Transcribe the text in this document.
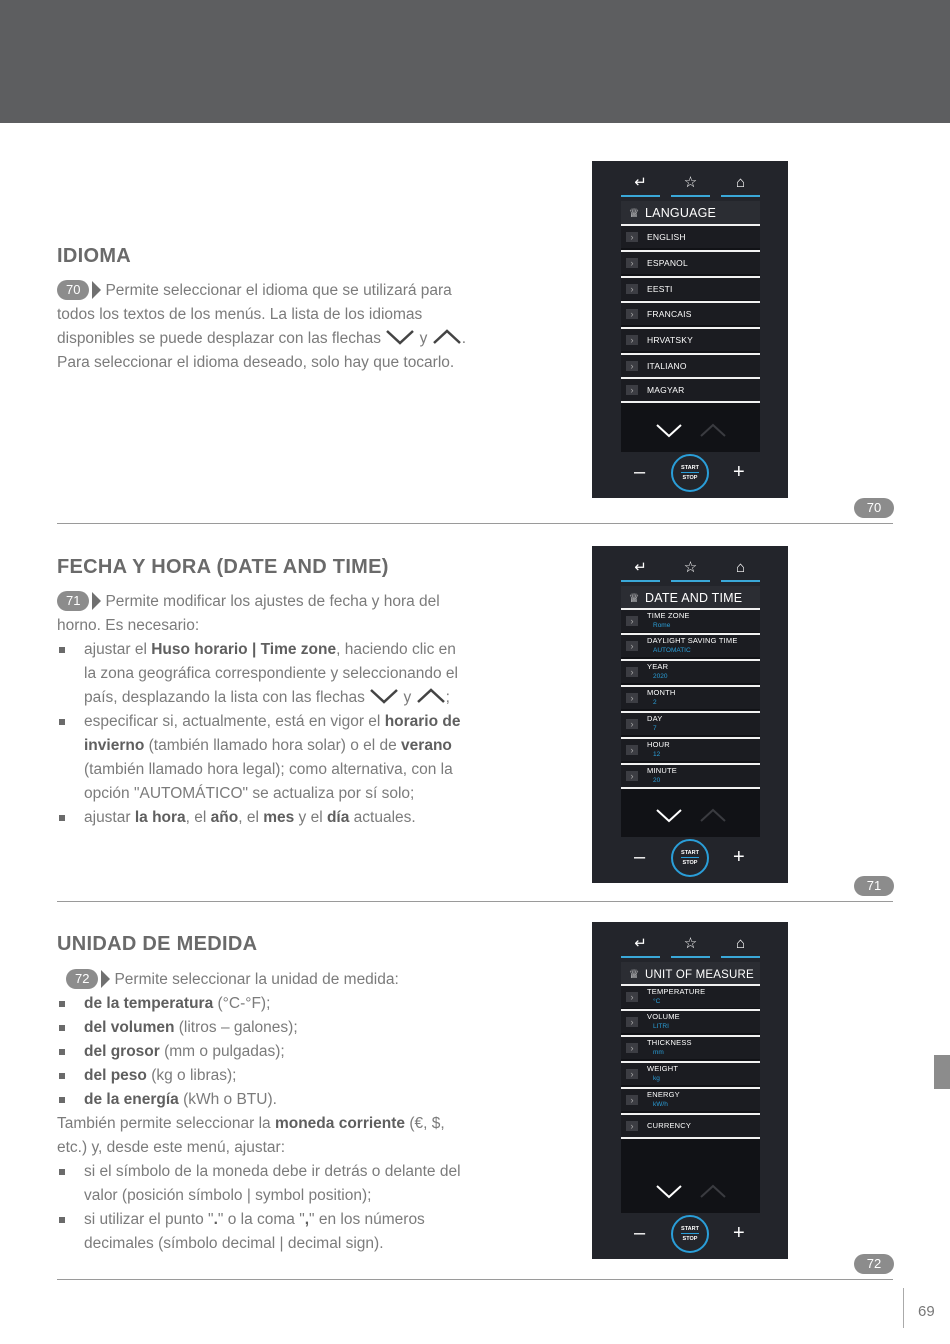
IDIOMA
70 Permite seleccionar el idioma que se utilizará para todos los textos de los menús. La lista de los idiomas disponibles se puede desplazar con las flechas y .
Para seleccionar el idioma deseado, solo hay que tocarlo.
↵	☆	⌂
♕ LANGUAGE
›	ENGLISH
›	ESPANOL
›	EESTI
›	FRANCAIS
›	HRVATSKY
›	ITALIANO
›	MAGYAR
–	START
STOP	+
70
FECHA Y HORA (DATE AND TIME)
71 Permite modificar los ajustes de fecha y hora del horno. Es necesario:
ajustar el Huso horario | Time zone, haciendo clic en la zona geográfica correspondiente y seleccionando el país, desplazando la lista con las flechas y ;
especificar si, actualmente, está en vigor el horario de invierno (también llamado hora solar) o el de verano (también llamado hora legal); como alternativa, con la opción "AUTOMÁTICO" se actualiza por sí solo;
ajustar la hora, el año, el mes y el día actuales.
↵	☆	⌂
♕ DATE AND TIME
›
TIME ZONE
Rome
›
DAYLIGHT SAVING TIME
AUTOMATIC
›
YEAR
2020
›
MONTH
2
›
DAY
7
›
HOUR
12
›
MINUTE
20
–	START
STOP	+
71
UNIDAD DE MEDIDA
72 Permite seleccionar la unidad de medida:
de la temperatura (°C-°F);
del volumen (litros – galones);
del grosor (mm o pulgadas);
del peso (kg o libras);
de la energía (kWh o BTU).
También permite seleccionar la moneda corriente (€, $, etc.) y, desde este menú, ajustar:
si el símbolo de la moneda debe ir detrás o delante del valor (posición símbolo | symbol position);
si utilizar el punto "." o la coma "," en los números decimales (símbolo decimal | decimal sign).
↵	☆	⌂
♕ UNIT OF MEASURE
›
TEMPERATURE
°C
›
VOLUME
LITRI
›
THICKNESS
mm
›
WEIGHT
kg
›
ENERGY
kW/h
›	CURRENCY
–	START
STOP	+
72
69
